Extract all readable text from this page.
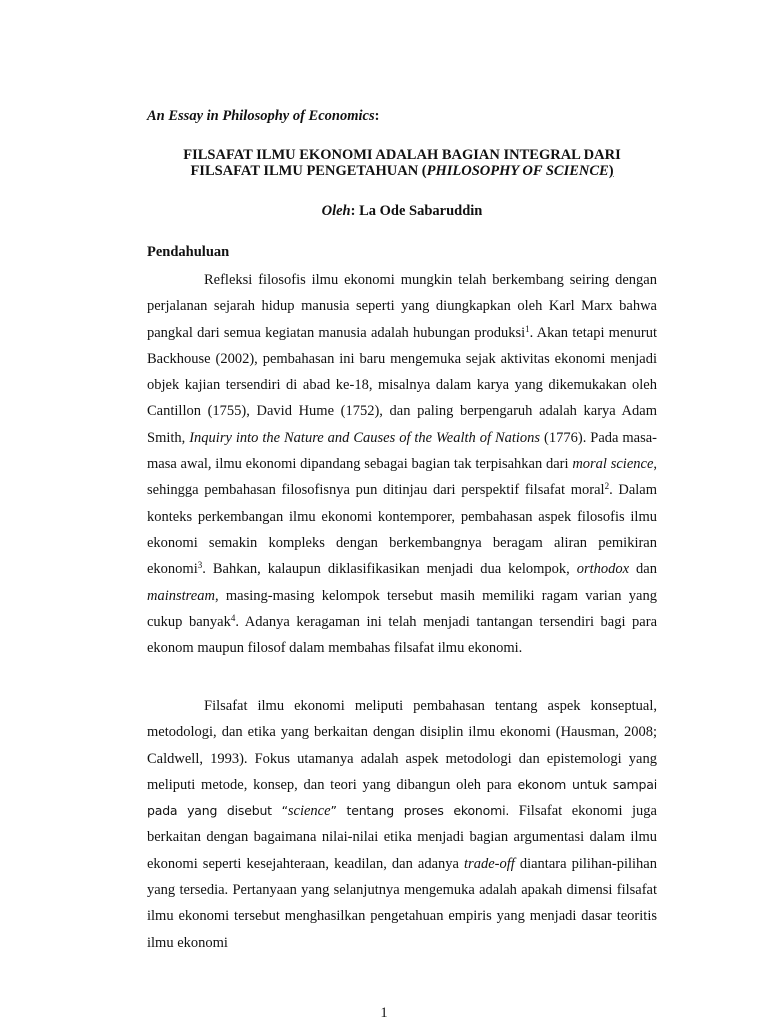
An Essay in Philosophy of Economics:
FILSAFAT ILMU EKONOMI ADALAH BAGIAN INTEGRAL DARI
FILSAFAT ILMU PENGETAHUAN (PHILOSOPHY OF SCIENCE)
Oleh: La Ode Sabaruddin
Pendahuluan

Refleksi filosofis ilmu ekonomi mungkin telah berkembang seiring dengan perjalanan sejarah hidup manusia seperti yang diungkapkan oleh Karl Marx bahwa pangkal dari semua kegiatan manusia adalah hubungan produksi$^1$. Akan tetapi menurut Backhouse (2002), pembahasan ini baru mengemuka sejak aktivitas ekonomi menjadi objek kajian tersendiri di abad ke-18, misalnya dalam karya yang dikemukakan oleh Cantillon (1755), David Hume (1752), dan paling berpengaruh adalah karya Adam Smith, Inquiry into the Nature and Causes of the Wealth of Nations (1776). Pada masa- masa awal, ilmu ekonomi dipandang sebagai bagian tak terpisahkan dari moral science, sehingga pembahasan filosofisnya pun ditinjau dari perspektif filsafat moral$^2$. Dalam konteks perkembangan ilmu ekonomi kontemporer, pembahasan aspek filosofis ilmu ekonomi semakin kompleks dengan berkembangnya beragam aliran pemikiran ekonomi$^3$. Bahkan, kalaupun diklasifikasikan menjadi dua kelompok, orthodox dan mainstream, masing-masing kelompok tersebut masih memiliki ragam varian yang cukup banyak$^4$. Adanya keragaman ini telah menjadi tantangan tersendiri bagi para ekonom maupun filosof dalam membahas filsafat ilmu ekonomi.

Filsafat ilmu ekonomi meliputi pembahasan tentang aspek konseptual, metodologi, dan etika yang berkaitan dengan disiplin ilmu ekonomi (Hausman, 2008; Caldwell, 1993). Fokus utamanya adalah aspek metodologi dan epistemologi yang meliputi metode, konsep, dan teori yang dibangun oleh para ekonom untuk sampai pada yang disebut “science” tentang proses ekonomi. Filsafat ekonomi juga berkaitan dengan bagaimana nilai-nilai etika menjadi bagian argumentasi dalam ilmu ekonomi seperti kesejahteraan, keadilan, dan adanya trade-off diantara pilihan-pilihan yang tersedia. Pertanyaan yang selanjutnya mengemuka adalah apakah dimensi filsafat ilmu ekonomi tersebut menghasilkan pengetahuan empiris yang menjadi dasar teoritis ilmu ekonomi

1
